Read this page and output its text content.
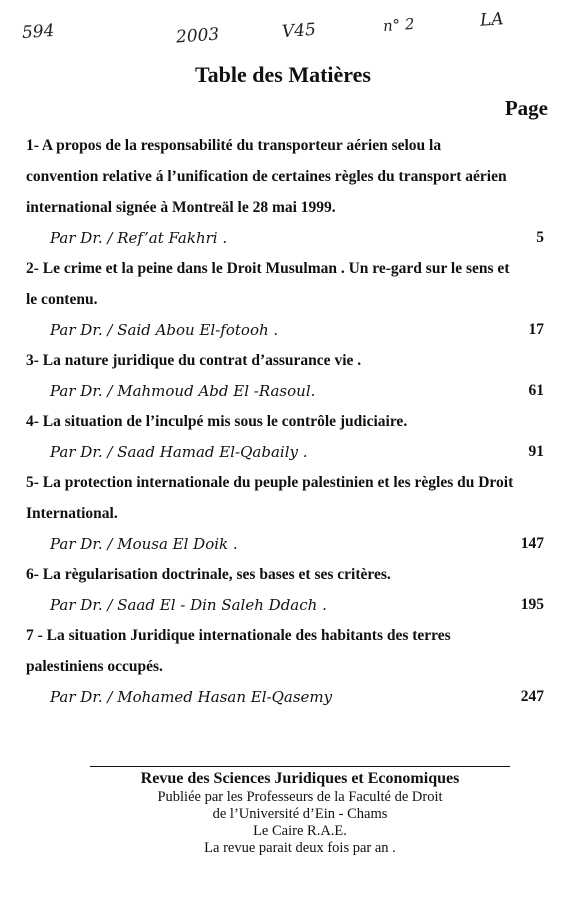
594	2003	V45	n° 2	LA
Table des Matières
Page
1- A propos de la responsabilité du transporteur aérien selou la convention relative á l’unification de certaines règles du transport aérien international signée à Montreäl le 28 mai 1999.
Par Dr. / Ref’at Fakhri .	5
2- Le crime et la peine dans le Droit Musulman . Un re-gard sur le sens et le contenu.
Par Dr. / Said Abou El-fotooh .	17
3- La nature juridique du contrat d’assurance vie .
Par Dr. / Mahmoud Abd El -Rasoul.	61
4- La situation de l’inculpé mis sous le contrôle judiciaire.
Par Dr. / Saad Hamad El-Qabaily .	91
5- La protection internationale du peuple palestinien et les règles du Droit International.
Par Dr. / Mousa El Doik .	147
6- La règularisation doctrinale, ses bases et ses critères.
Par Dr. / Saad El - Din Saleh Ddach .	195
7 - La situation Juridique internationale des habitants des terres palestiniens occupés.
Par Dr. / Mohamed Hasan El-Qasemy	247
Revue des Sciences Juridiques et Economiques
Publiée par les Professeurs de la Faculté de Droit
de l’Université d’Ein - Chams
Le Caire R.A.E.
La revue parait deux fois par an .
